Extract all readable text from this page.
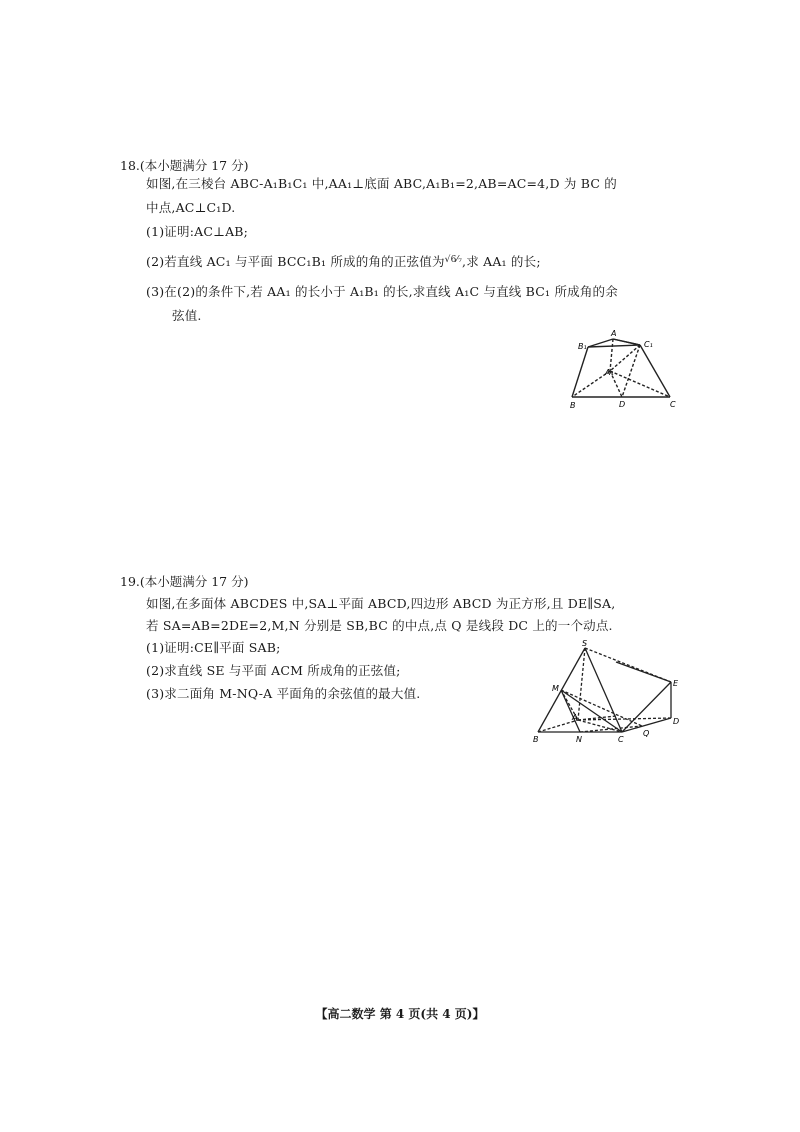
18.(本小题满分 17 分)
如图,在三棱台 ABC-A₁B₁C₁ 中,AA₁⊥底面 ABC,A₁B₁=2,AB=AC=4,D 为 BC 的
中点,AC⊥C₁D.
(1)证明:AC⊥AB;
(2)若直线 AC₁ 与平面 BCC₁B₁ 所成的角的正弦值为√6⁄₇,求 AA₁ 的长;
(3)在(2)的条件下,若 AA₁ 的长小于 A₁B₁ 的长,求直线 A₁C 与直线 BC₁ 所成角的余
弦值.
A
B₁	C₁
A₁
B	D	C
19.(本小题满分 17 分)
如图,在多面体 ABCDES 中,SA⊥平面 ABCD,四边形 ABCD 为正方形,且 DE∥SA,
若 SA=AB=2DE=2,M,N 分别是 SB,BC 的中点,点 Q 是线段 DC 上的一个动点.
(1)证明:CE∥平面 SAB;
(2)求直线 SE 与平面 ACM 所成角的正弦值;
(3)求二面角 M-NQ-A 平面角的余弦值的最大值.
S
E
M
A	D
B	N	C
Q
【高二数学 第 4 页(共 4 页)】
